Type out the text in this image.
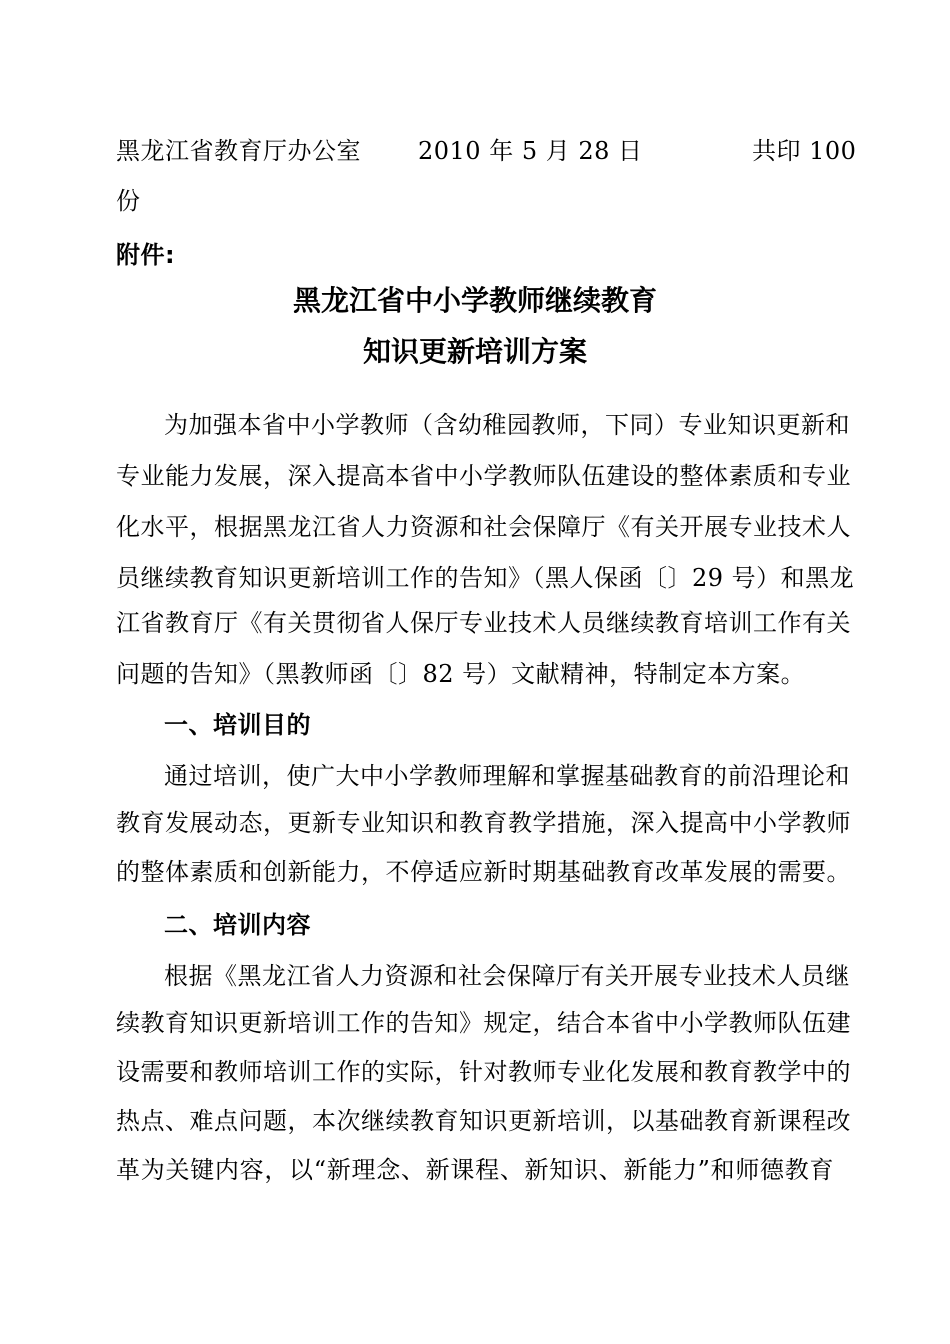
黑龙江省教育厅办公室 2010 年 5 月 28 日	共印 100
份
附件:
黑龙江省中小学教师继续教育
知识更新培训方案
为加强本省中小学教师（含幼稚园教师，下同）专业知识更新和
专业能力发展，深入提高本省中小学教师队伍建设的整体素质和专业
化水平，根据黑龙江省人力资源和社会保障厅《有关开展专业技术人
员继续教育知识更新培训工作的告知》（黑人保函〔〕29 号）和黑龙
江省教育厅《有关贯彻省人保厅专业技术人员继续教育培训工作有关
问题的告知》（黑教师函〔〕82 号）文献精神，特制定本方案。
一、培训目的
通过培训，使广大中小学教师理解和掌握基础教育的前沿理论和
教育发展动态，更新专业知识和教育教学措施，深入提高中小学教师
的整体素质和创新能力，不停适应新时期基础教育改革发展的需要。
二、培训内容
根据《黑龙江省人力资源和社会保障厅有关开展专业技术人员继
续教育知识更新培训工作的告知》规定，结合本省中小学教师队伍建
设需要和教师培训工作的实际，针对教师专业化发展和教育教学中的
热点、难点问题，本次继续教育知识更新培训，以基础教育新课程改
革为关键内容，以“新理念、新课程、新知识、新能力”和师德教育
